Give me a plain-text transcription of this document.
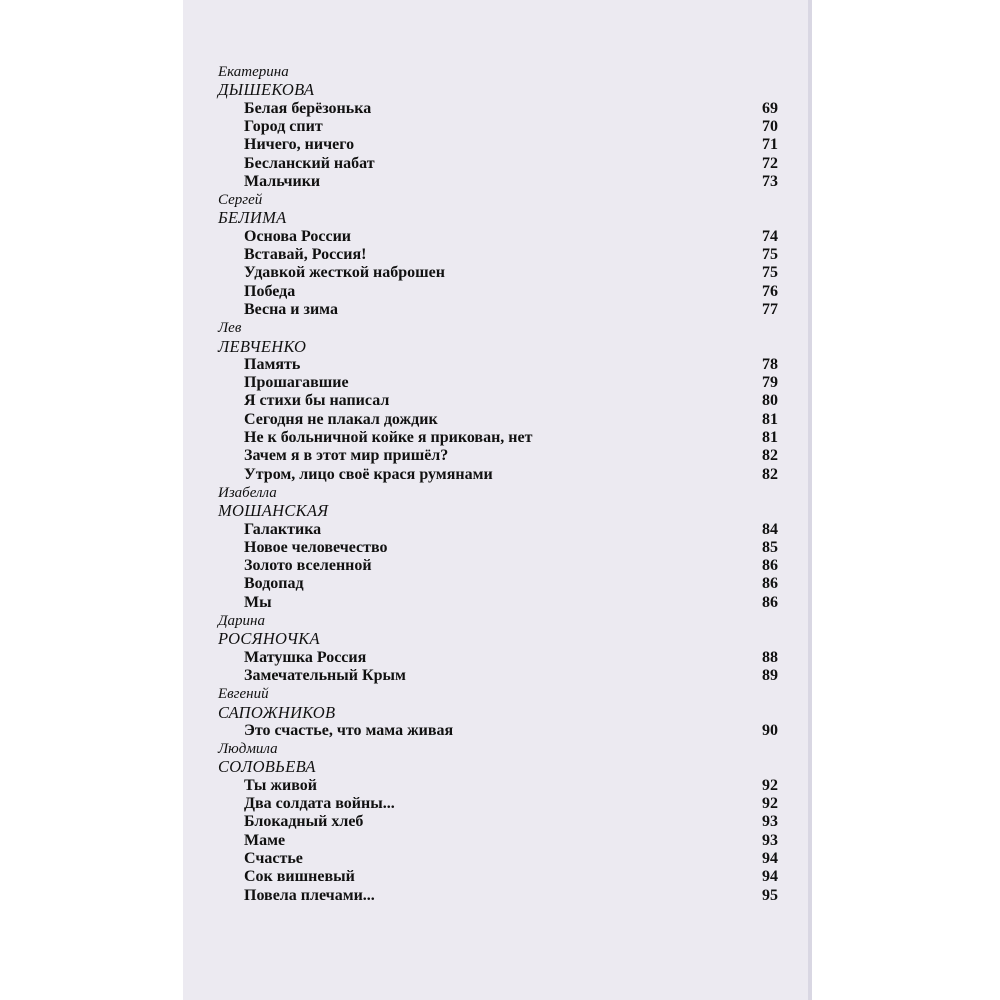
Екатерина
ДЫШЕКОВА
Белая берёзонька	69
Город спит	70
Ничего, ничего	71
Бесланский набат	72
Мальчики	73
Сергей
БЕЛИМА
Основа России	74
Вставай, Россия!	75
Удавкой жесткой наброшен	75
Победа	76
Весна и зима	77
Лев
ЛЕВЧЕНКО
Память	78
Прошагавшие	79
Я стихи бы написал	80
Сегодня не плакал дождик	81
Не к больничной койке я прикован, нет	81
Зачем я в этот мир пришёл?	82
Утром, лицо своё крася румянами	82
Изабелла
МОШАНСКАЯ
Галактика	84
Новое человечество	85
Золото вселенной	86
Водопад	86
Мы	86
Дарина
РОСЯНОЧКА
Матушка Россия	88
Замечательный Крым	89
Евгений
САПОЖНИКОВ
Это счастье, что мама живая	90
Людмила
СОЛОВЬЕВА
Ты живой	92
Два солдата войны...	92
Блокадный хлеб	93
Маме	93
Счастье	94
Сок вишневый	94
Повела плечами...	95
